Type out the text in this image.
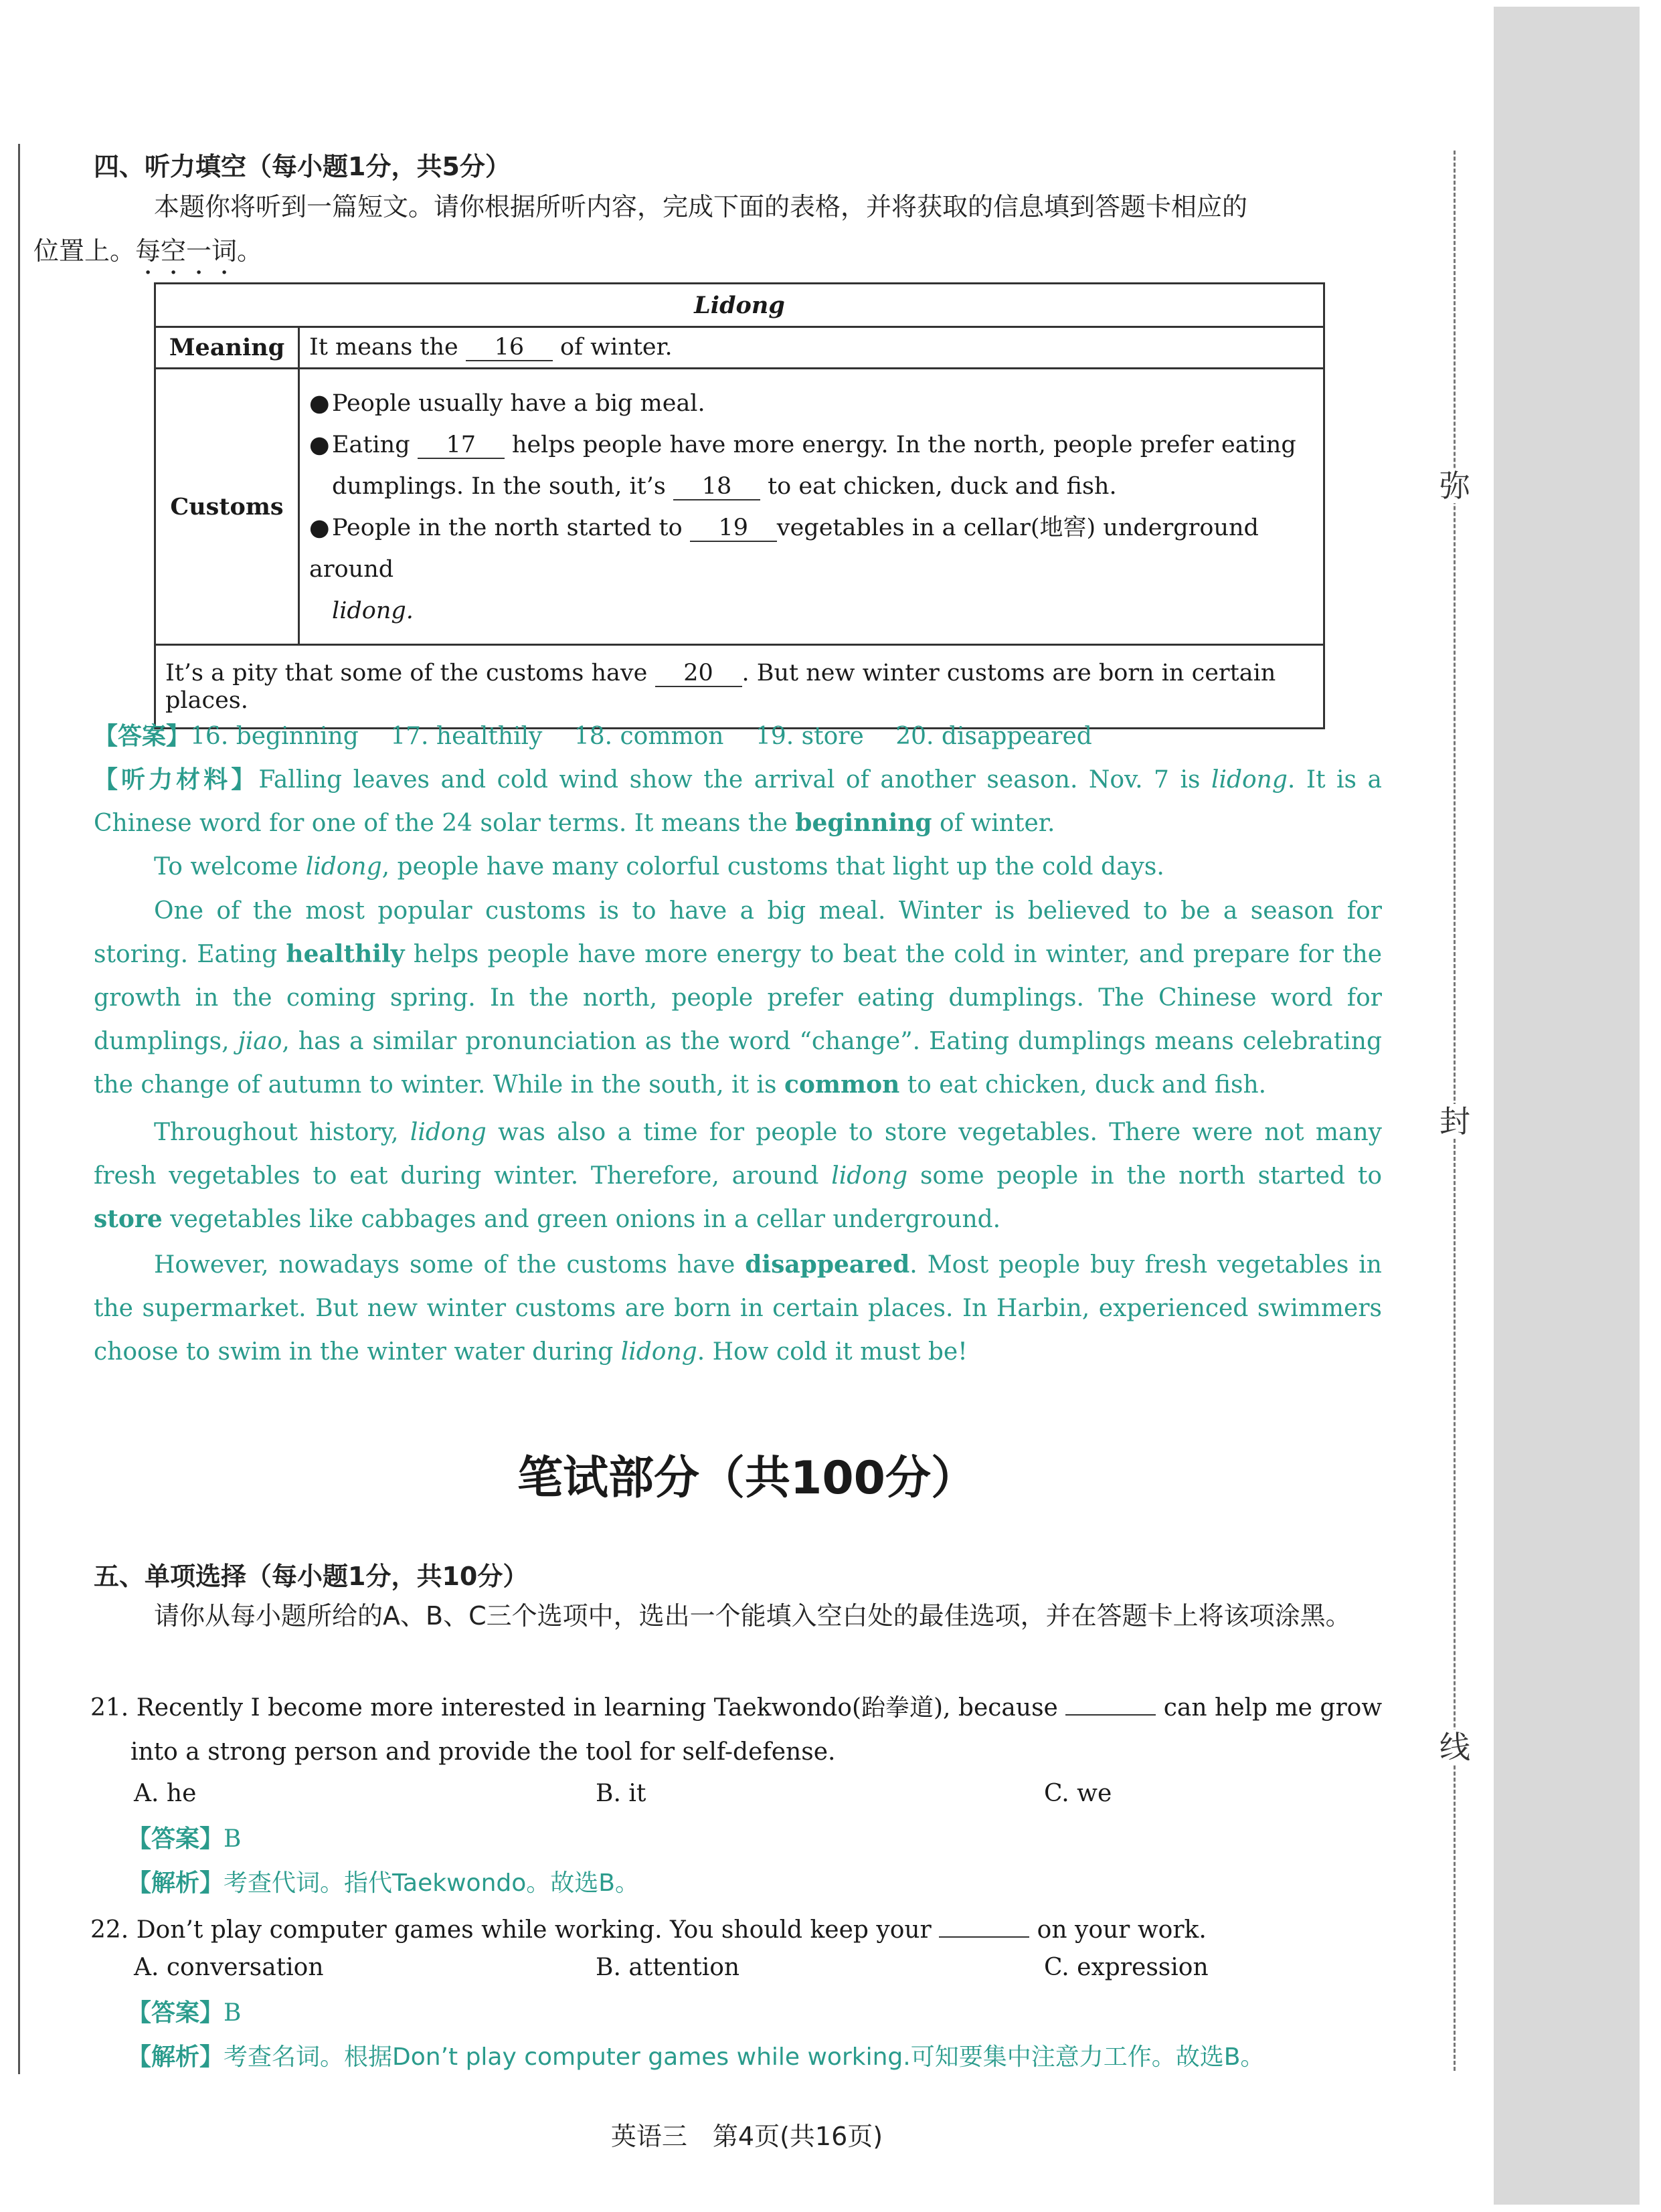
弥
封
线
四、听力填空（每小题1分，共5分）
本题你将听到一篇短文。请你根据所听内容，完成下面的表格，并将获取的信息填到答题卡相应的
位置上。每空一词。
Lidong	
Meaning	It means the 16 of winter.
Customs	●People usually have a big meal.

●Eating 17 helps people have more energy. In the north, people prefer eating

dumplings. In the south, it’s 18 to eat chicken, duck and fish.

●People in the north started to 19 vegetables in a cellar(地窖) underground around

lidong.

It’s a pity that some of the customs have 20 . But new winter customs are born in certain places.	
【答案】16. beginning 17. healthily 18. common 19. store 20. disappeared

【听力材料】Falling leaves and cold wind show the arrival of another season. Nov. 7 is lidong. It is a Chinese word for one of the 24 solar terms. It means the beginning of winter.

To welcome lidong, people have many colorful customs that light up the cold days.

One of the most popular customs is to have a big meal. Winter is believed to be a season for storing. Eating healthily helps people have more energy to beat the cold in winter, and prepare for the growth in the coming spring. In the north, people prefer eating dumplings. The Chinese word for dumplings, jiao, has a similar pronunciation as the word “change”. Eating dumplings means celebrating the change of autumn to winter. While in the south, it is common to eat chicken, duck and fish.

Throughout history, lidong was also a time for people to store vegetables. There were not many fresh vegetables to eat during winter. Therefore, around lidong some people in the north started to store vegetables like cabbages and green onions in a cellar underground.

However, nowadays some of the customs have disappeared. Most people buy fresh vegetables in the supermarket. But new winter customs are born in certain places. In Harbin, experienced swimmers choose to swim in the winter water during lidong. How cold it must be!

笔试部分（共100分）
五、单项选择（每小题1分，共10分）
请你从每小题所给的A、B、C三个选项中，选出一个能填入空白处的最佳选项，并在答题卡上将该项涂黑。
21. Recently I become more interested in learning Taekwondo(跆拳道), because	can help me grow into a strong person and provide the tool for self-defense.
A. he	B. it	C. we
【答案】B
【解析】考查代词。指代Taekwondo。故选B。
22. Don’t play computer games while working. You should keep your	on your work.
A. conversation	B. attention	C. expression
【答案】B
【解析】考查名词。根据Don’t play computer games while working.可知要集中注意力工作。故选B。
英语三　第4页(共16页)
